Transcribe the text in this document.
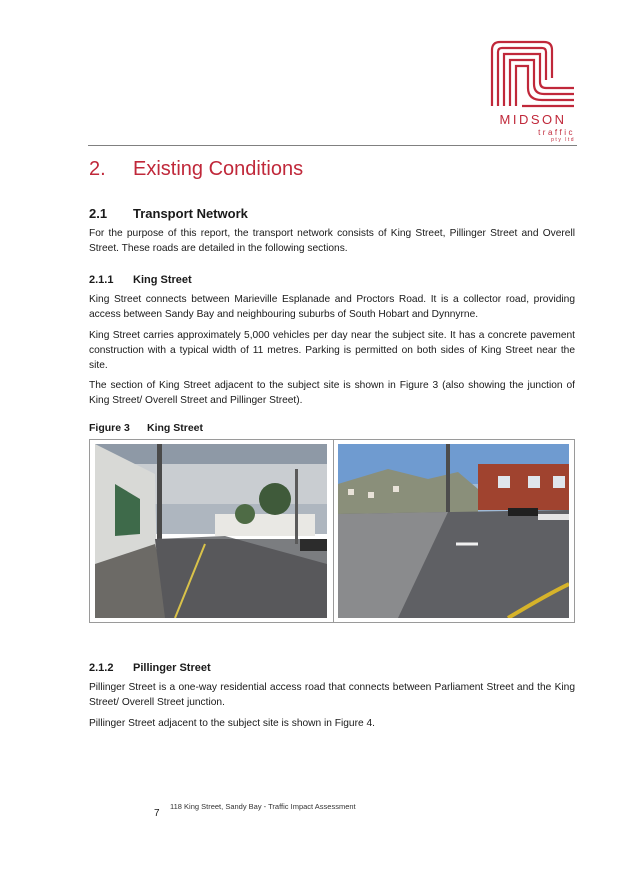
MIDSON
traffic
pty ltd
2. Existing Conditions
2.1 Transport Network

For the purpose of this report, the transport network consists of King Street, Pillinger Street and Overell Street. These roads are detailed in the following sections.

2.1.1 King Street

King Street connects between Marieville Esplanade and Proctors Road. It is a collector road, providing access between Sandy Bay and neighbouring suburbs of South Hobart and Dynnyrne.

King Street carries approximately 5,000 vehicles per day near the subject site. It has a concrete pavement construction with a typical width of 11 metres. Parking is permitted on both sides of King Street near the site.

The section of King Street adjacent to the subject site is shown in Figure 3 (also showing the junction of King Street/ Overell Street and Pillinger Street).

Figure 3 King Street
2.1.2 Pillinger Street

Pillinger Street is a one-way residential access road that connects between Parliament Street and the King Street/ Overell Street junction.

Pillinger Street adjacent to the subject site is shown in Figure 4.

7
118 King Street, Sandy Bay - Traffic Impact Assessment
